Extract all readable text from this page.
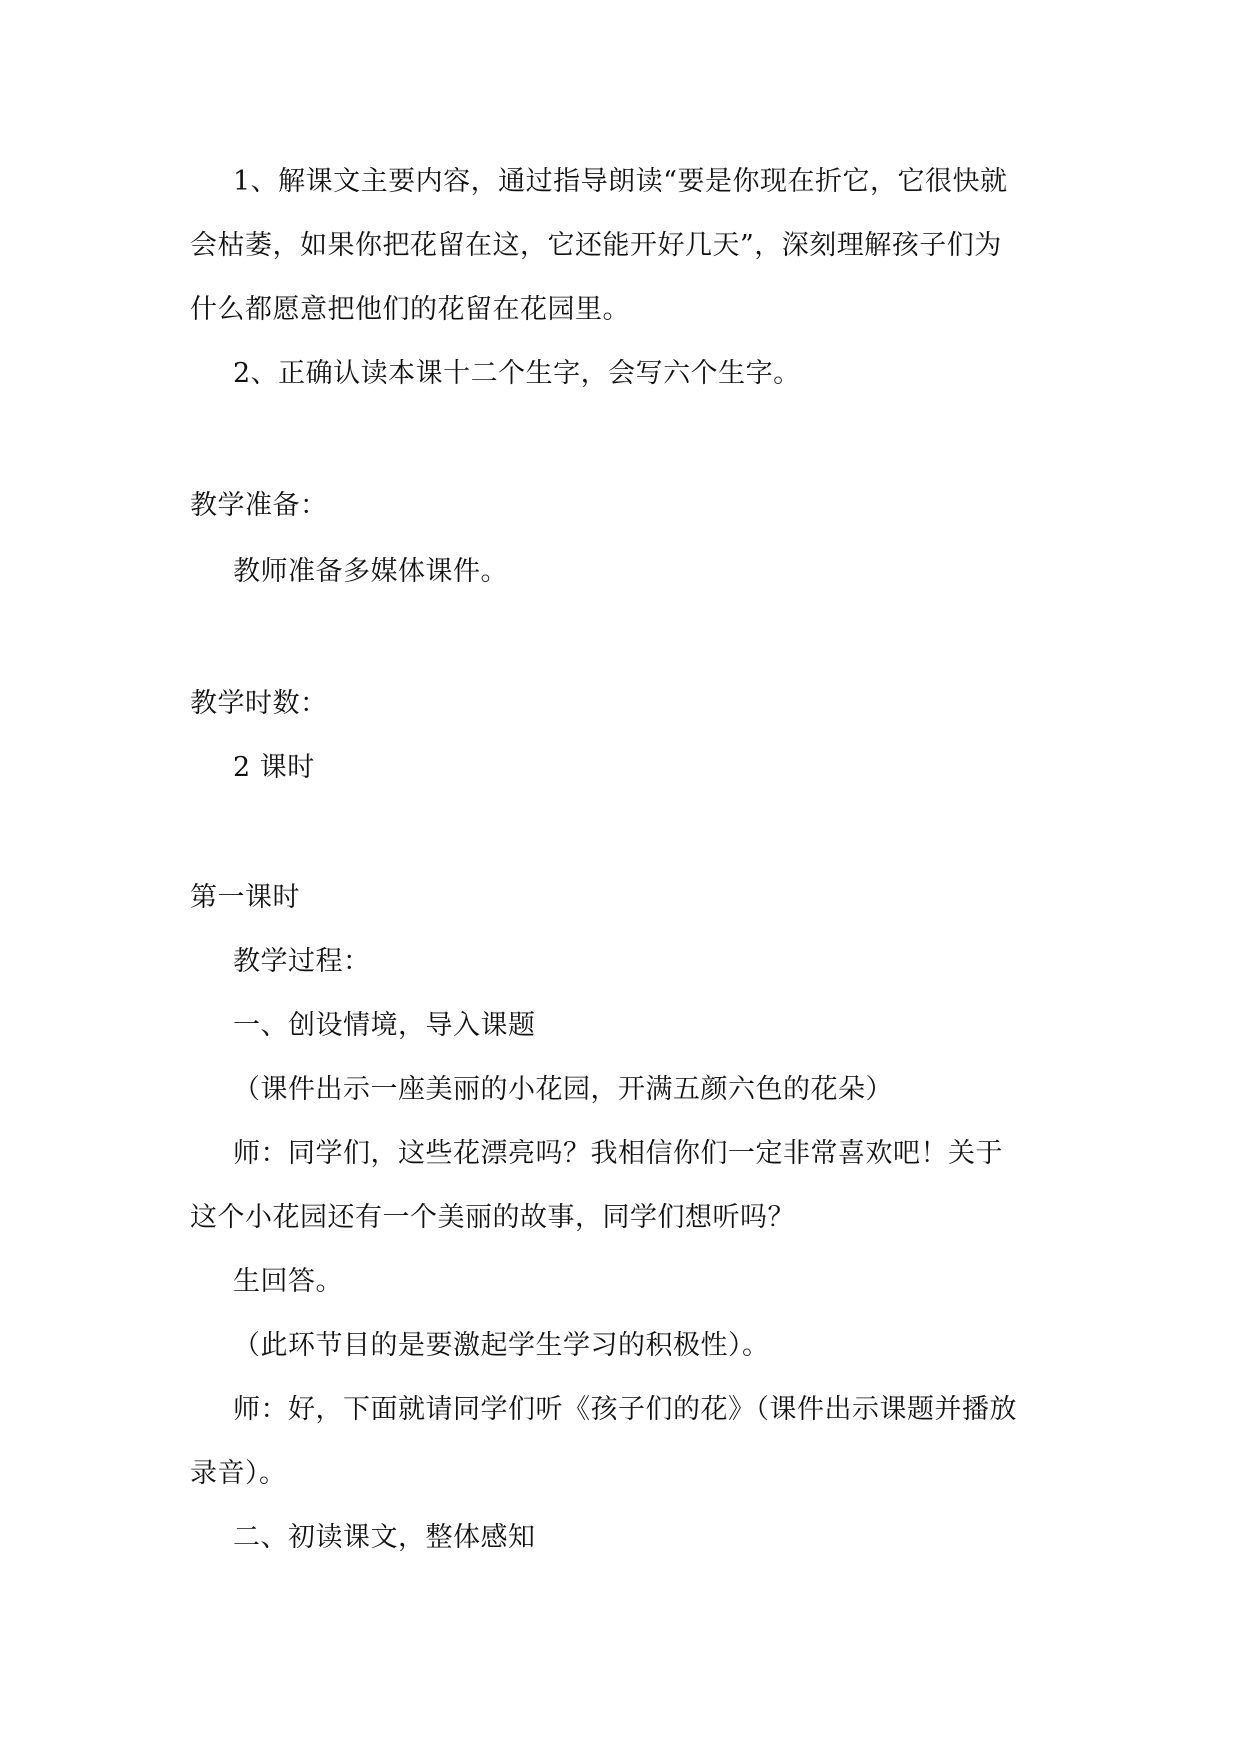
1、解课文主要内容，通过指导朗读“要是你现在折它，它很快就
会枯萎，如果你把花留在这，它还能开好几天”，深刻理解孩子们为
什么都愿意把他们的花留在花园里。
2、正确认读本课十二个生字，会写六个生字。
教学准备：
教师准备多媒体课件。
教学时数：
2 课时
第一课时
教学过程：
一、创设情境，导入课题
（课件出示一座美丽的小花园，开满五颜六色的花朵）
师：同学们，这些花漂亮吗？我相信你们一定非常喜欢吧！关于
这个小花园还有一个美丽的故事，同学们想听吗？
生回答。
（此环节目的是要激起学生学习的积极性）。
师：好，下面就请同学们听《孩子们的花》（课件出示课题并播放
录音）。
二、初读课文，整体感知
